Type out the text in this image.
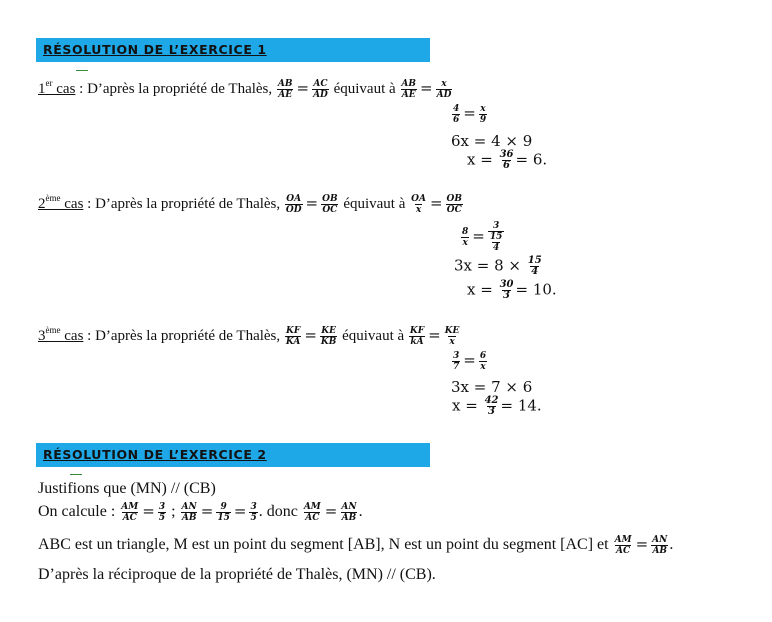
RÉSOLUTION DE L’EXERCICE 1
1er cas : D’après la propriété de Thalès, $\frac{AB}{AE} = \frac{AC}{AD}$ équivaut à $\frac{AB}{AE} = \frac{x}{AD}$
$\frac{4}{6} = \frac{x}{9}$
6x = 4 × 9
$x = \frac{36}{6} = 6$.
2ème cas : D’après la propriété de Thalès, $\frac{OA}{OD} = \frac{OB}{OC}$ équivaut à $\frac{OA}{x} = \frac{OB}{OC}$
$\frac{8}{x} = \frac{3}{\frac{15}{4}}$
$3x = 8 \times \frac{15}{4}$
$x = \frac{30}{3} = 10$.
3ème cas : D’après la propriété de Thalès, $\frac{KF}{KA} = \frac{KE}{KB}$ équivaut à $\frac{KF}{kA} = \frac{KE}{x}$
$\frac{3}{7} = \frac{6}{x}$
3x = 7 × 6
$x = \frac{42}{3} = 14$.
RÉSOLUTION DE L’EXERCICE 2
Justifions que (MN) // (CB)
On calcule : $\frac{AM}{AC} = \frac{3}{5}$ ; $\frac{AN}{AB} = \frac{9}{15} = \frac{3}{5}$ . donc $\frac{AM}{AC} = \frac{AN}{AB}$ .
ABC est un triangle, M est un point du segment [AB], N est un point du segment [AC] et $\frac{AM}{AC} = \frac{AN}{AB}$ .
D’après la réciproque de la propriété de Thalès, (MN) // (CB).
